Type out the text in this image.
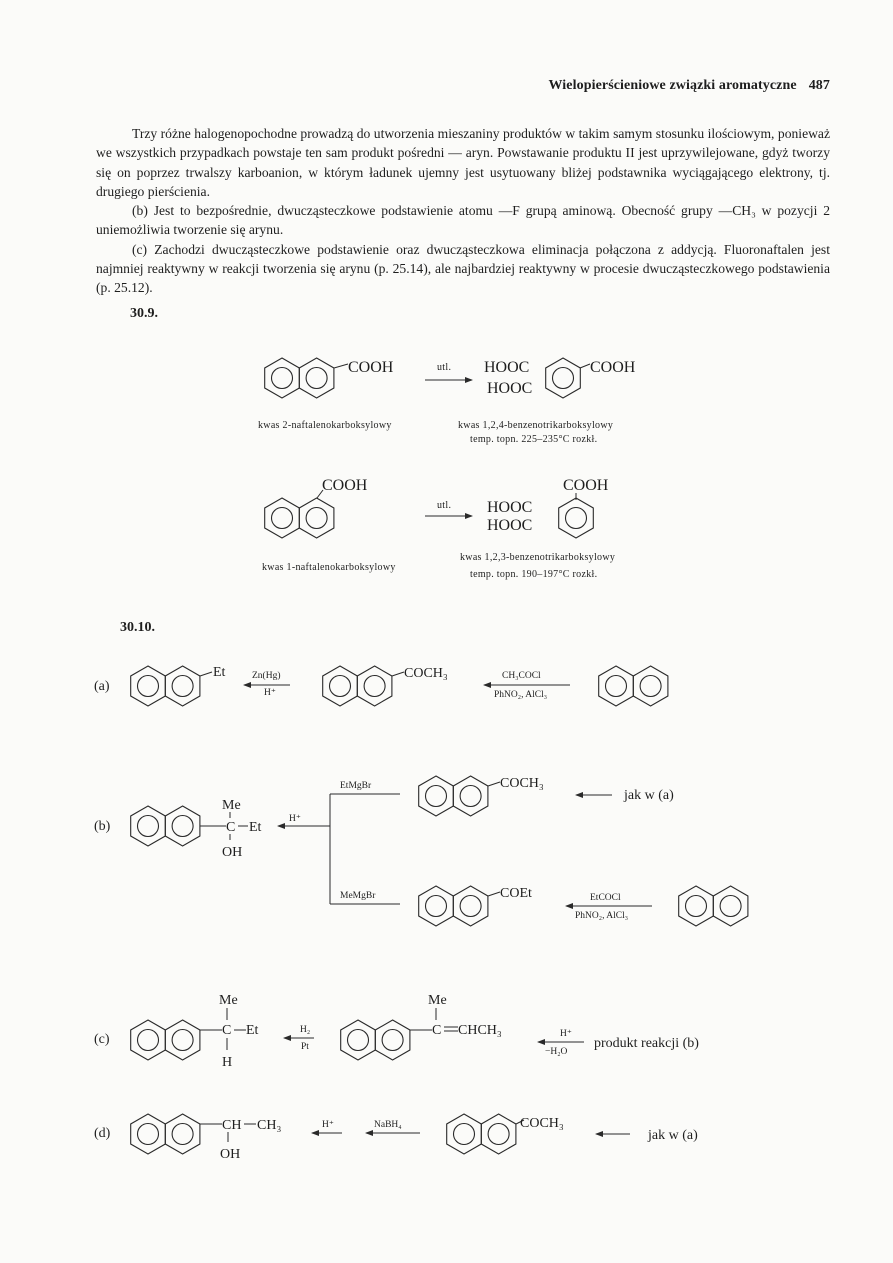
Wielopierścieniowe związki aromatyczne 487

Trzy różne halogenopochodne prowadzą do utworzenia mieszaniny produktów w takim samym stosunku ilościowym, ponieważ we wszystkich przypadkach powstaje ten sam produkt pośredni — aryn. Powstawanie produktu II jest uprzywilejowane, gdyż tworzy się on poprzez trwalszy karboanion, w którym ładunek ujemny jest usytuowany bliżej podstawnika wyciągającego elektrony, tj. drugiego pierścienia.

(b) Jest to bezpośrednie, dwucząsteczkowe podstawienie atomu —F grupą aminową. Obecność grupy —CH₃ w pozycji 2 uniemożliwia tworzenie się arynu.

(c) Zachodzi dwucząsteczkowe podstawienie oraz dwucząsteczkowa eliminacja połączona z addycją. Fluoronaftalen jest najmniej reaktywny w reakcji tworzenia się arynu (p. 25.14), ale najbardziej reaktywny w procesie dwucząsteczkowego podstawienia (p. 25.12).

30.9.
30.10.
COOH	utl. HOOC	COOH
HOOC
kwas 2-naftalenokarboksylowy	kwas 1,2,4-benzenotrikarboksylowy
temp. topn. 225–235°C rozkł.
COOH
utl.
COOH
HOOC
HOOC
kwas 1-naftalenokarboksylowy
kwas 1,2,3-benzenotrikarboksylowy
temp. topn. 190–197°C rozkł.
(a)
Et	Zn(Hg)
H⁺
COCH₃	CH₃COCl
PhNO₂, AlCl₃
(b)
Me
C Et
OH
H⁺
EtMgBr	COCH₃
jak w (a)
MeMgBr	COEt	EtCOCl
PhNO₂, AlCl₃
(c)
Me
C Et
H
H₂
Pt
Me
C CHCH₃	H⁺
−H₂O
produkt reakcji (b)
(d)
CH CH₃
OH
H⁺	NaBH₄	COCH₃
jak w (a)
